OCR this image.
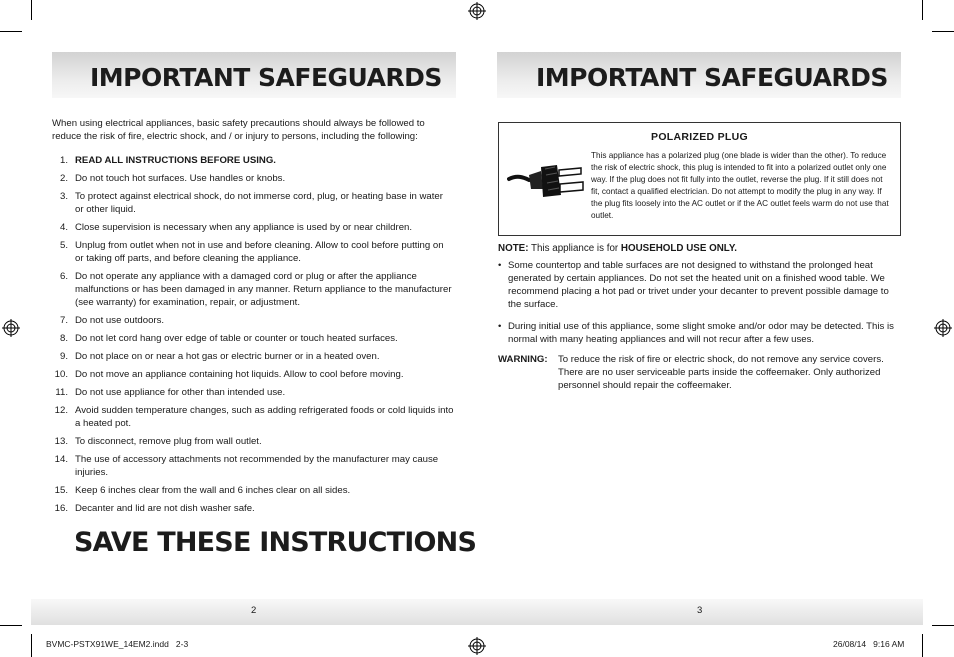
IMPORTANT SAFEGUARDS
When using electrical appliances, basic safety precautions should always be followed to reduce the risk of fire, electric shock, and / or injury to persons, including the following:
1. READ ALL INSTRUCTIONS BEFORE USING.
2. Do not touch hot surfaces. Use handles or knobs.
3. To protect against electrical shock, do not immerse cord, plug, or heating base in water or other liquid.
4. Close supervision is necessary when any appliance is used by or near children.
5. Unplug from outlet when not in use and before cleaning. Allow to cool before putting on or taking off parts, and before cleaning the appliance.
6. Do not operate any appliance with a damaged cord or plug or after the appliance malfunctions or has been damaged in any manner. Return appliance to the manufacturer (see warranty) for examination, repair, or adjustment.
7. Do not use outdoors.
8. Do not let cord hang over edge of table or counter or touch heated surfaces.
9. Do not place on or near a hot gas or electric burner or in a heated oven.
10. Do not move an appliance containing hot liquids. Allow to cool before moving.
11. Do not use appliance for other than intended use.
12. Avoid sudden temperature changes, such as adding refrigerated foods or cold liquids into a heated pot.
13. To disconnect, remove plug from wall outlet.
14. The use of accessory attachments not recommended by the manufacturer may cause injuries.
15. Keep 6 inches clear from the wall and 6 inches clear on all sides.
16. Decanter and lid are not dish washer safe.
SAVE THESE INSTRUCTIONS
IMPORTANT SAFEGUARDS
POLARIZED PLUG
This appliance has a polarized plug (one blade is wider than the other). To reduce the risk of electric shock, this plug is intended to fit into a polarized outlet only one way. If the plug does not fit fully into the outlet, reverse the plug. If it still does not fit, contact a qualified electrician. Do not attempt to modify the plug in any way. If the plug fits loosely into the AC outlet or if the AC outlet feels warm do not use that outlet.
NOTE: This appliance is for HOUSEHOLD USE ONLY.
• Some countertop and table surfaces are not designed to withstand the prolonged heat generated by certain appliances. Do not set the heated unit on a finished wood table. We recommend placing a hot pad or trivet under your decanter to prevent possible damage to the surface.
• During initial use of this appliance, some slight smoke and/or odor may be detected. This is normal with many heating appliances and will not recur after a few uses.
WARNING:	To reduce the risk of fire or electric shock, do not remove any service covers. There are no user serviceable parts inside the coffeemaker. Only authorized personnel should repair the coffeemaker.
2	3
BVMC-PSTX91WE_14EM2.indd   2-3	26/08/14   9:16 AM
